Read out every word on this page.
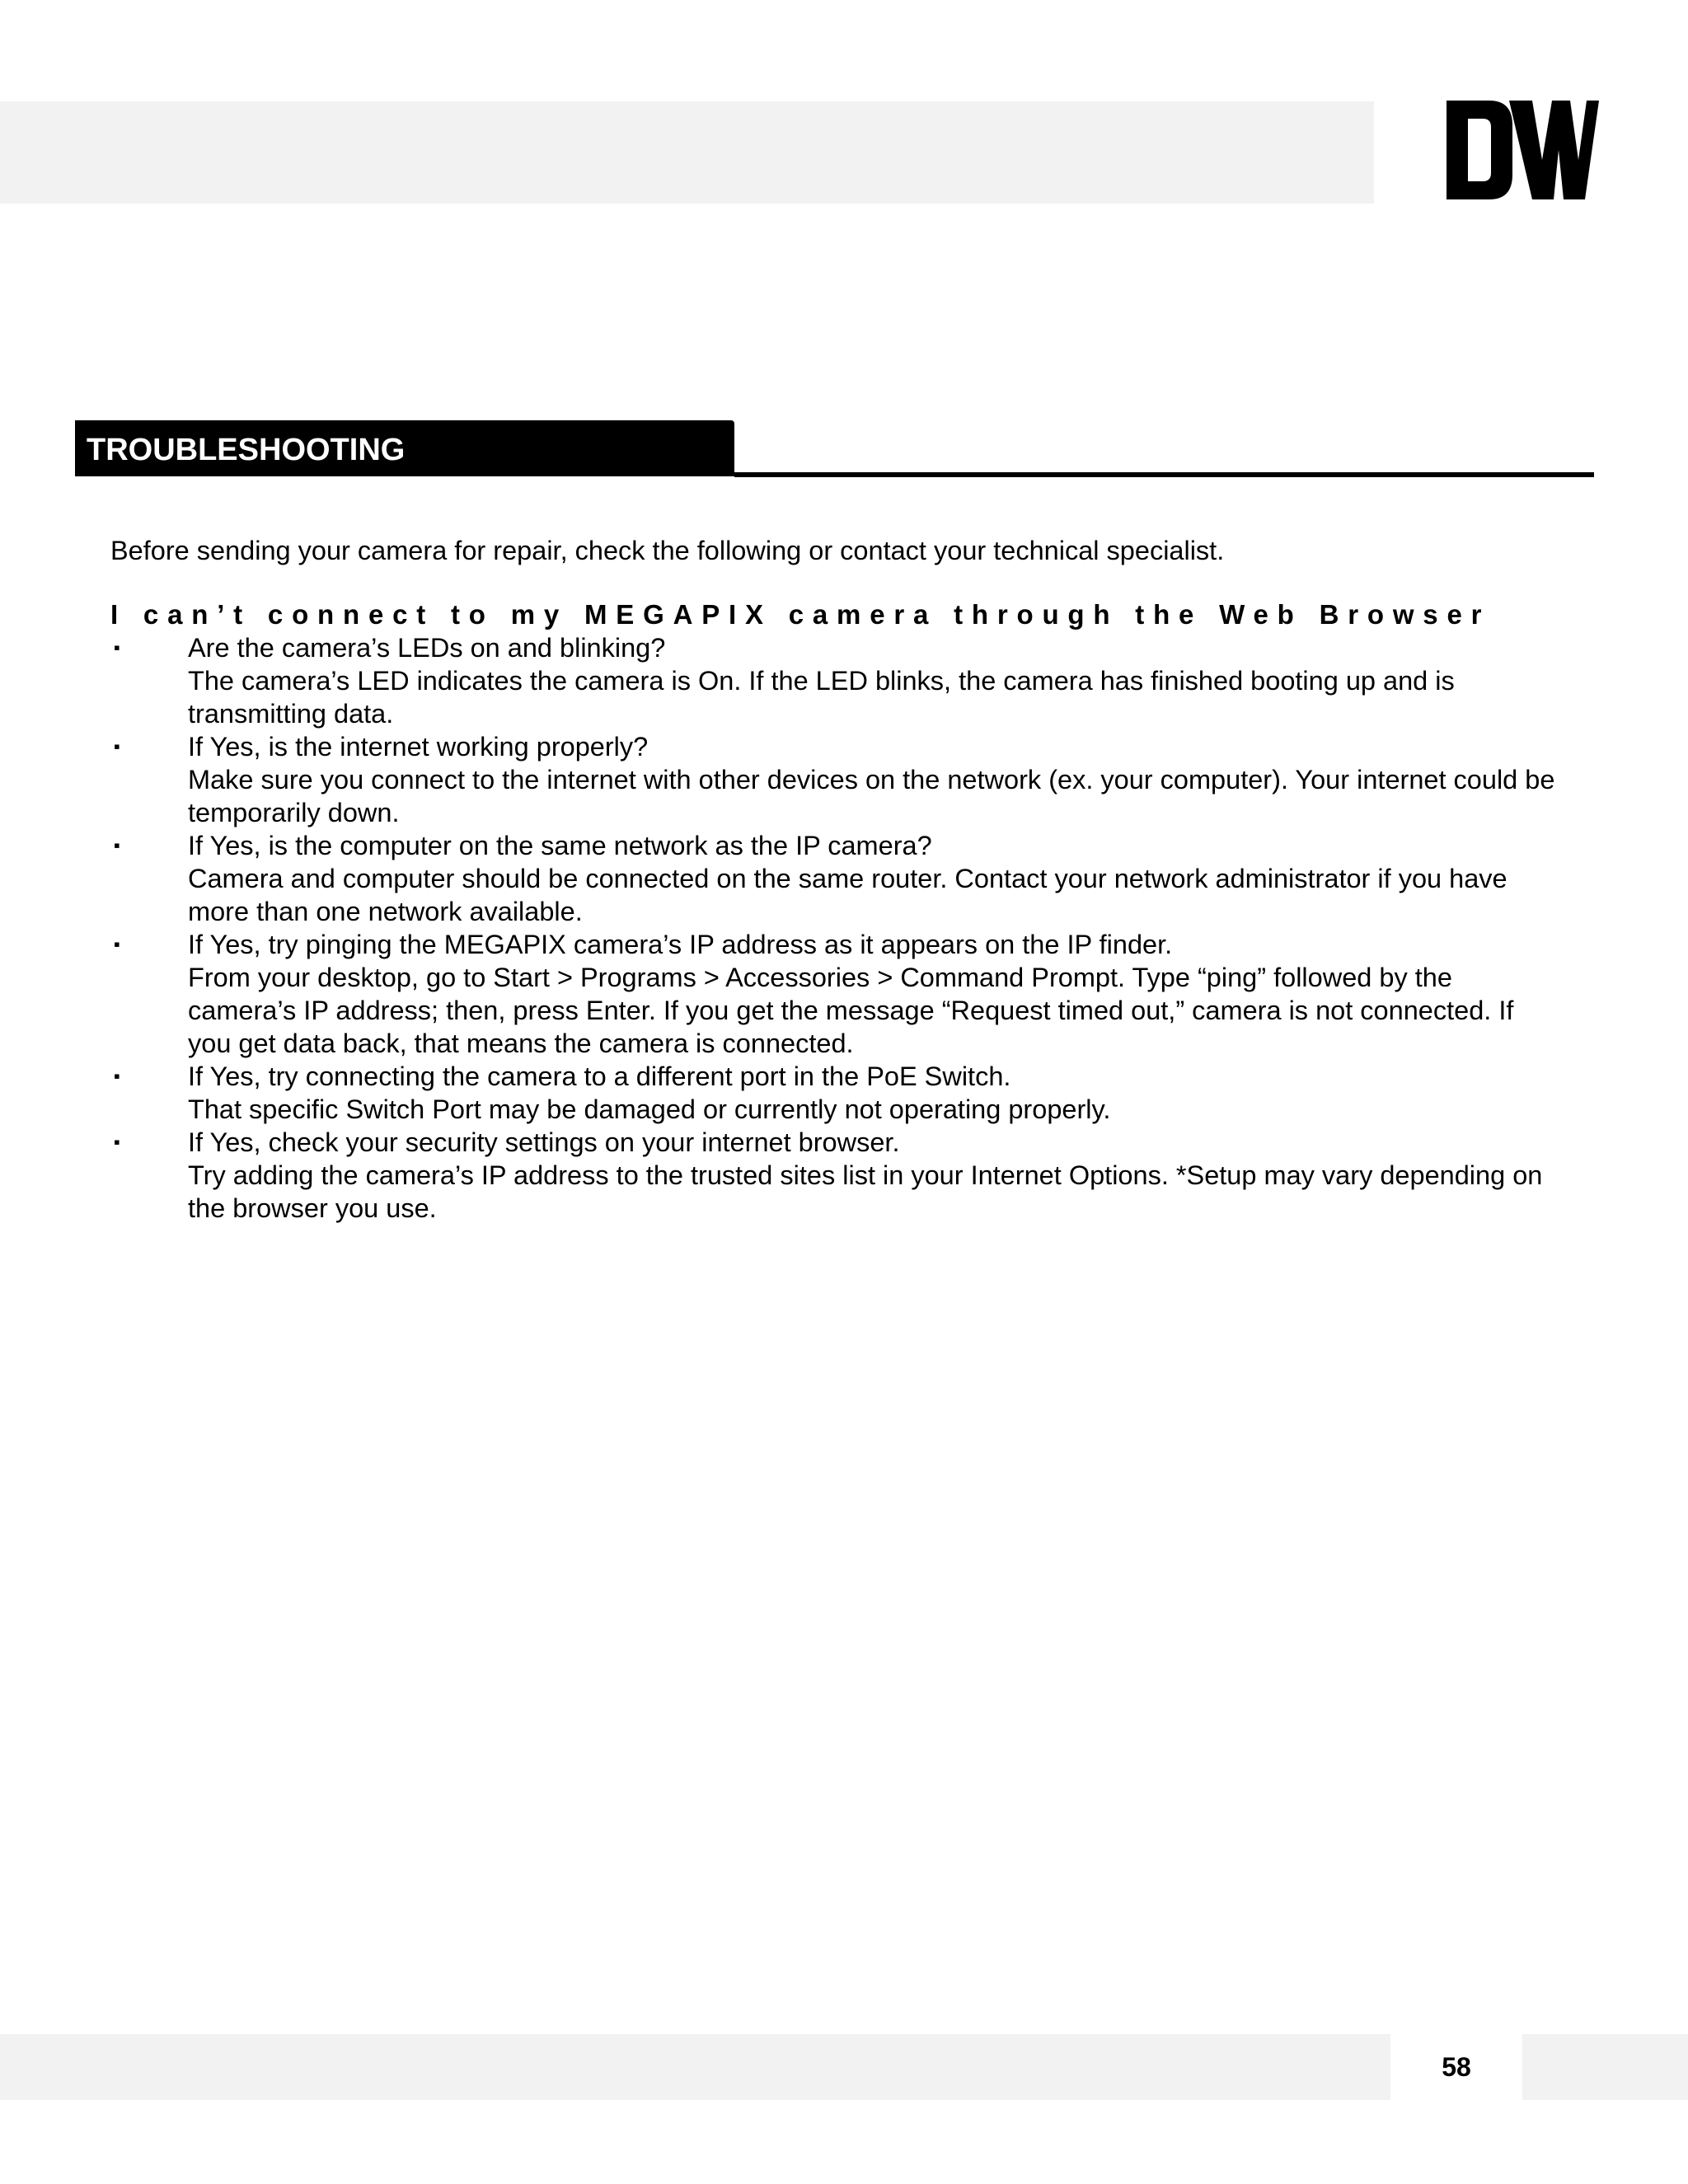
TROUBLESHOOTING

Before sending your camera for repair, check the following or contact your technical specialist.

I can’t connect to my MEGAPIX camera through the Web Browser

▪	Are the camera’s LEDs on and blinking?
The camera’s LED indicates the camera is On. If the LED blinks, the camera has finished booting up and is transmitting data.
▪	If Yes, is the internet working properly?
Make sure you connect to the internet with other devices on the network (ex. your computer). Your internet could be temporarily down.
▪	If Yes, is the computer on the same network as the IP camera?
Camera and computer should be connected on the same router. Contact your network administrator if you have more than one network available.
▪	If Yes, try pinging the MEGAPIX camera’s IP address as it appears on the IP finder.
From your desktop, go to Start > Programs > Accessories > Command Prompt. Type “ping” followed by the camera’s IP address; then, press Enter. If you get the message “Request timed out,” camera is not connected. If you get data back, that means the camera is connected.
▪	If Yes, try connecting the camera to a different port in the PoE Switch.
That specific Switch Port may be damaged or currently not operating properly.
▪	If Yes, check your security settings on your internet browser.
Try adding the camera’s IP address to the trusted sites list in your Internet Options. *Setup may vary depending on the browser you use.
58
